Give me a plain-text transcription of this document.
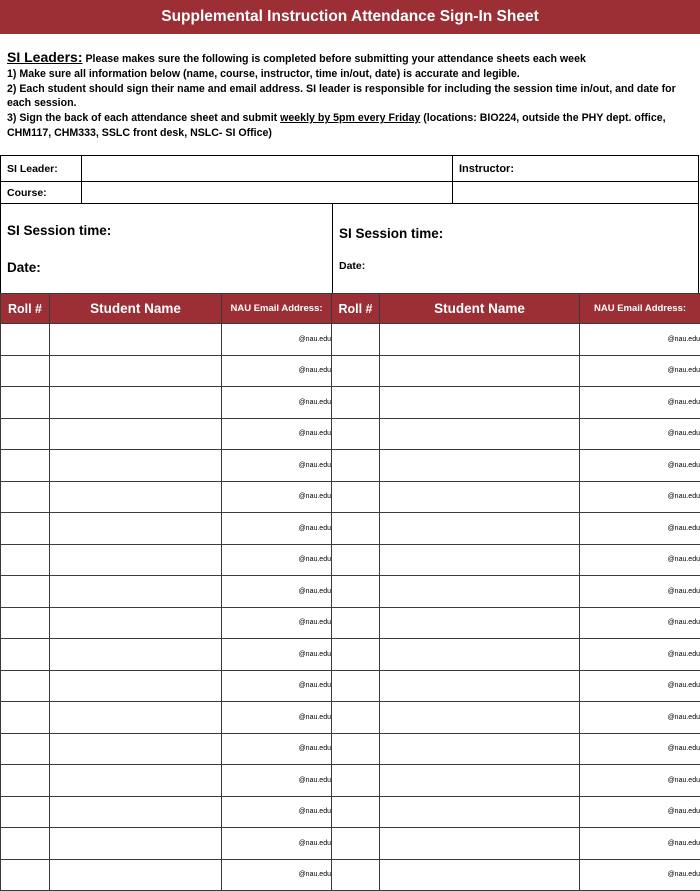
Supplemental Instruction Attendance Sign-In Sheet

SI Leaders: Please makes sure the following is completed before submitting your attendance sheets each week

1) Make sure all information below (name, course, instructor, time in/out, date) is accurate and legible.

2) Each student should sign their name and email address. SI leader is responsible for including the session time in/out, and date for each session.

3) Sign the back of each attendance sheet and submit weekly by 5pm every Friday (locations: BIO224, outside the PHY dept. office, CHM117, CHM333, SSLC front desk, NSLC- SI Office)

SI Leader:	Instructor:
Course:
SI Session time:
Date:
SI Session time:
Date:
Roll #	Student Name	NAU Email Address:	Roll #	Student Name	NAU Email Address:
		@nau.edu			@nau.edu
		@nau.edu			@nau.edu
		@nau.edu			@nau.edu
		@nau.edu			@nau.edu
		@nau.edu			@nau.edu
		@nau.edu			@nau.edu
		@nau.edu			@nau.edu
		@nau.edu			@nau.edu
		@nau.edu			@nau.edu
		@nau.edu			@nau.edu
		@nau.edu			@nau.edu
		@nau.edu			@nau.edu
		@nau.edu			@nau.edu
		@nau.edu			@nau.edu
		@nau.edu			@nau.edu
		@nau.edu			@nau.edu
		@nau.edu			@nau.edu
		@nau.edu			@nau.edu
